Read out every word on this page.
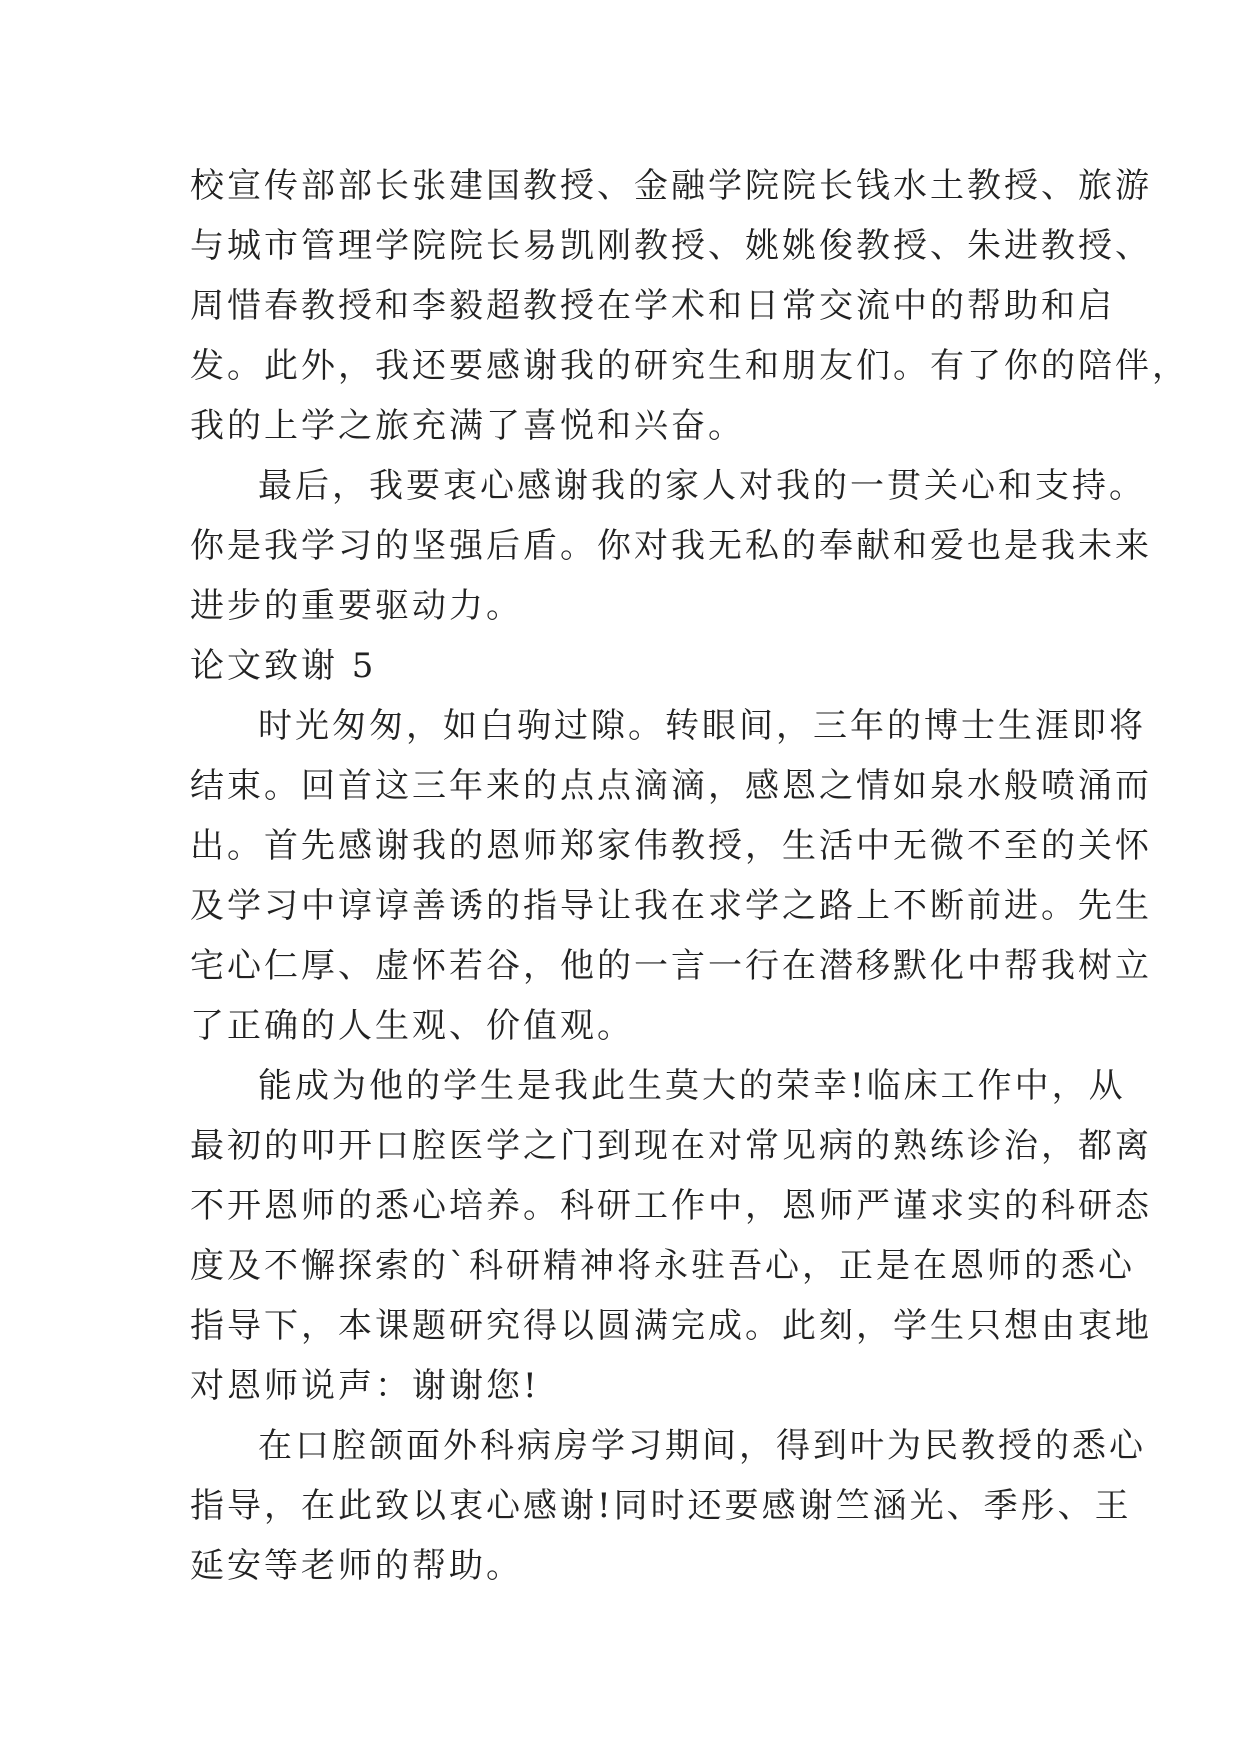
校宣传部部长张建国教授、金融学院院长钱水土教授、旅游
与城市管理学院院长易凯刚教授、姚姚俊教授、朱进教授、
周惜春教授和李毅超教授在学术和日常交流中的帮助和启
发。此外，我还要感谢我的研究生和朋友们。有了你的陪伴，
我的上学之旅充满了喜悦和兴奋。
最后，我要衷心感谢我的家人对我的一贯关心和支持。
你是我学习的坚强后盾。你对我无私的奉献和爱也是我未来
进步的重要驱动力。
论文致谢 5
时光匆匆，如白驹过隙。转眼间，三年的博士生涯即将
结束。回首这三年来的点点滴滴，感恩之情如泉水般喷涌而
出。首先感谢我的恩师郑家伟教授，生活中无微不至的关怀
及学习中谆谆善诱的指导让我在求学之路上不断前进。先生
宅心仁厚、虚怀若谷，他的一言一行在潜移默化中帮我树立
了正确的人生观、价值观。
能成为他的学生是我此生莫大的荣幸!临床工作中，从
最初的叩开口腔医学之门到现在对常见病的熟练诊治，都离
不开恩师的悉心培养。科研工作中，恩师严谨求实的科研态
度及不懈探索的`科研精神将永驻吾心，正是在恩师的悉心
指导下，本课题研究得以圆满完成。此刻，学生只想由衷地
对恩师说声：谢谢您!
在口腔颌面外科病房学习期间，得到叶为民教授的悉心
指导，在此致以衷心感谢!同时还要感谢竺涵光、季彤、王
延安等老师的帮助。
